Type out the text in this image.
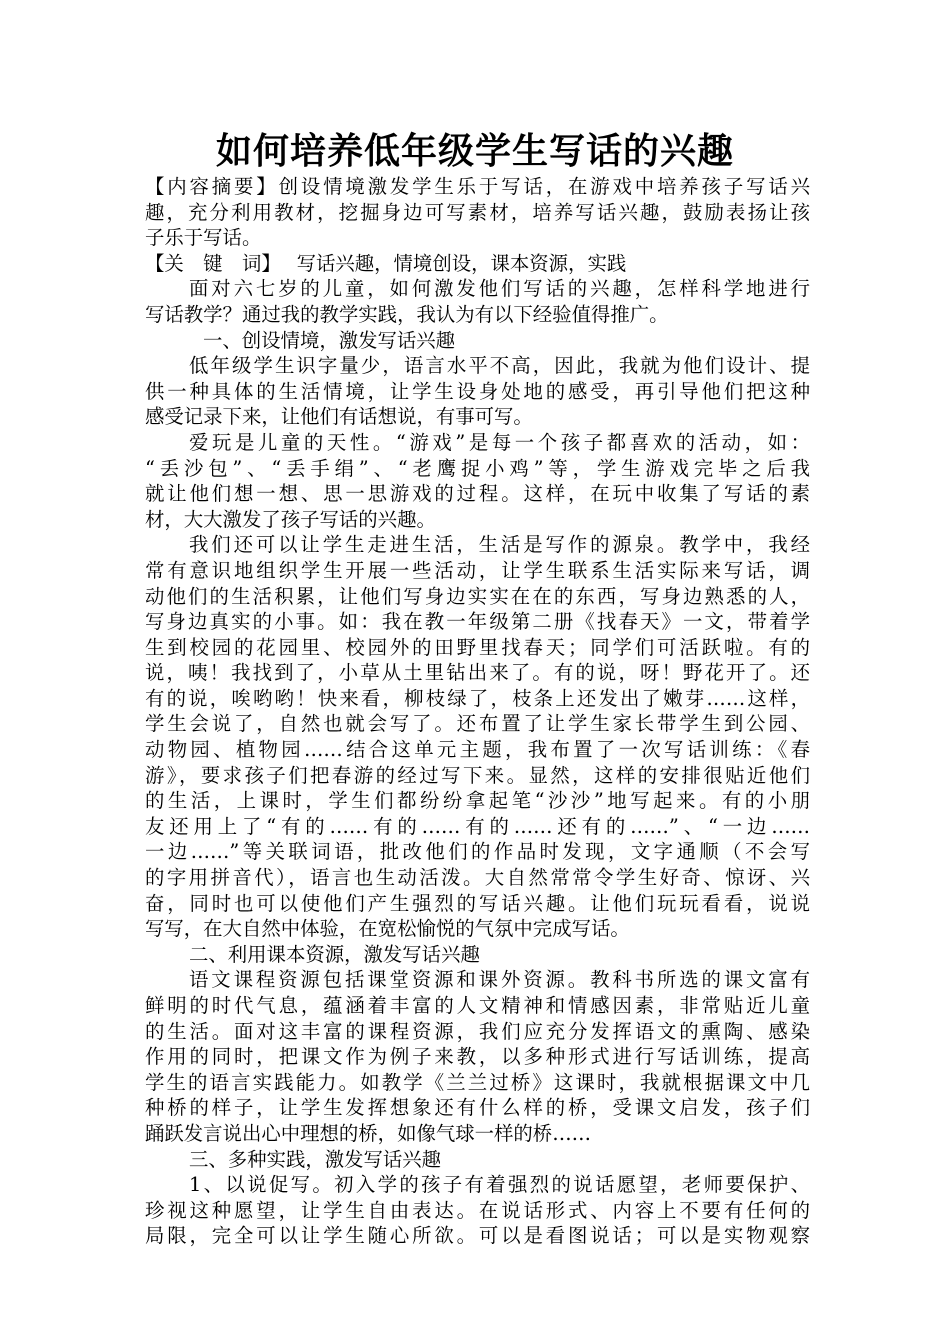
如何培养低年级学生写话的兴趣
【内容摘要】创设情境激发学生乐于写话，在游戏中培养孩子写话兴
趣，充分利用教材，挖掘身边可写素材，培养写话兴趣，鼓励表扬让孩
子乐于写话。
【关　键　词】　 写话兴趣，情境创设，课本资源，实践
面对六七岁的儿童，如何激发他们写话的兴趣，怎样科学地进行
写话教学？通过我的教学实践，我认为有以下经验值得推广。
一、创设情境，激发写话兴趣
低年级学生识字量少，语言水平不高，因此，我就为他们设计、提
供一种具体的生活情境，让学生设身处地的感受，再引导他们把这种
感受记录下来，让他们有话想说，有事可写。
爱玩是儿童的天性。“游戏”是每一个孩子都喜欢的活动，如：
“丢沙包”、“丢手绢”、“老鹰捉小鸡”等，学生游戏完毕之后我
就让他们想一想、思一思游戏的过程。这样，在玩中收集了写话的素
材，大大激发了孩子写话的兴趣。
我们还可以让学生走进生活，生活是写作的源泉。教学中，我经
常有意识地组织学生开展一些活动，让学生联系生活实际来写话，调
动他们的生活积累，让他们写身边实实在在的东西，写身边熟悉的人，
写身边真实的小事。如：我在教一年级第二册《找春天》一文，带着学
生到校园的花园里、校园外的田野里找春天；同学们可活跃啦。有的
说，咦！我找到了，小草从土里钻出来了。有的说，呀！野花开了。还
有的说，唉哟哟！快来看，柳枝绿了，枝条上还发出了嫩芽……这样，
学生会说了，自然也就会写了。还布置了让学生家长带学生到公园、
动物园、植物园……结合这单元主题，我布置了一次写话训练：《春
游》，要求孩子们把春游的经过写下来。显然，这样的安排很贴近他们
的生活，上课时，学生们都纷纷拿起笔“沙沙”地写起来。有的小朋
友还用上了“有的……有的……有的……还有的……”、“一边……
一边……”等关联词语，批改他们的作品时发现，文字通顺（不会写
的字用拼音代），语言也生动活泼。大自然常常令学生好奇、惊讶、兴
奋，同时也可以使他们产生强烈的写话兴趣。让他们玩玩看看，说说
写写，在大自然中体验，在宽松愉悦的气氛中完成写话。
二、利用课本资源，激发写话兴趣
语文课程资源包括课堂资源和课外资源。教科书所选的课文富有
鲜明的时代气息，蕴涵着丰富的人文精神和情感因素，非常贴近儿童
的生活。面对这丰富的课程资源，我们应充分发挥语文的熏陶、感染
作用的同时，把课文作为例子来教，以多种形式进行写话训练，提高
学生的语言实践能力。如教学《兰兰过桥》这课时，我就根据课文中几
种桥的样子，让学生发挥想象还有什么样的桥，受课文启发，孩子们
踊跃发言说出心中理想的桥，如像气球一样的桥……
三、多种实践，激发写话兴趣
1、以说促写。初入学的孩子有着强烈的说话愿望，老师要保护、
珍视这种愿望，让学生自由表达。在说话形式、内容上不要有任何的
局限，完全可以让学生随心所欲。可以是看图说话；可以是实物观察
